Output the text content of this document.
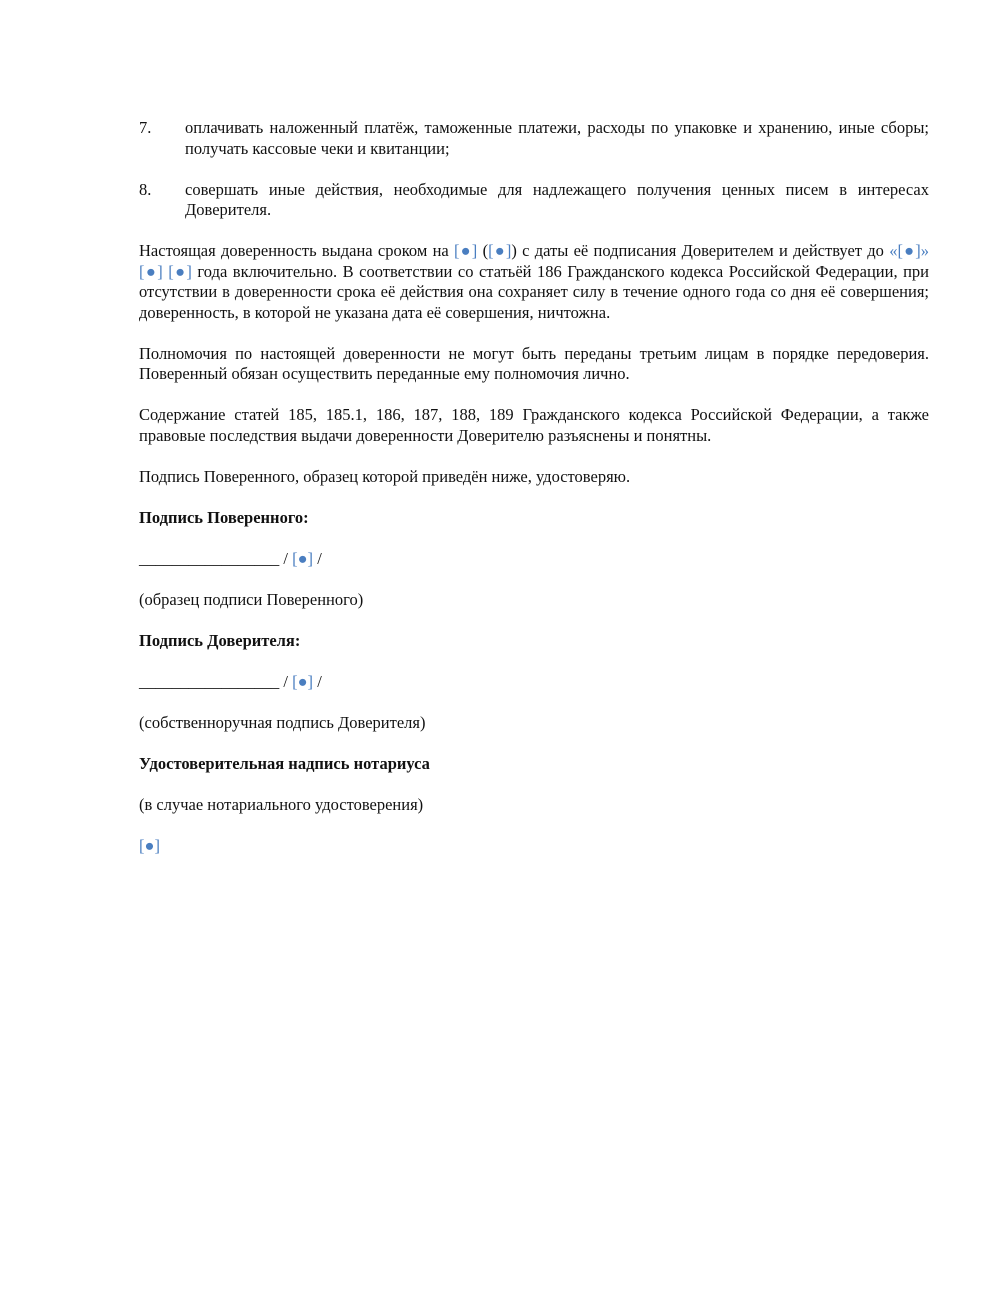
7.	оплачивать наложенный платёж, таможенные платежи, расходы по упаковке и хранению, иные сборы; получать кассовые чеки и квитанции;
8.	совершать иные действия, необходимые для надлежащего получения ценных писем в интересах Доверителя.

Настоящая доверенность выдана сроком на [●] ([●]) с даты её подписания Доверителем и действует до «[●]» [●] [●] года включительно. В соответствии со статьёй 186 Гражданского кодекса Российской Федерации, при отсутствии в доверенности срока её действия она сохраняет силу в течение одного года со дня её совершения; доверенность, в которой не указана дата её совершения, ничтожна.

Полномочия по настоящей доверенности не могут быть переданы третьим лицам в порядке передоверия. Поверенный обязан осуществить переданные ему полномочия лично.

Содержание статей 185, 185.1, 186, 187, 188, 189 Гражданского кодекса Российской Федерации, а также правовые последствия выдачи доверенности Доверителю разъяснены и понятны.

Подпись Поверенного, образец которой приведён ниже, удостоверяю.

Подпись Поверенного:

_________________ / [●] /

(образец подписи Поверенного)

Подпись Доверителя:

_________________ / [●] /

(собственноручная подпись Доверителя)

Удостоверительная надпись нотариуса

(в случае нотариального удостоверения)

[●]
